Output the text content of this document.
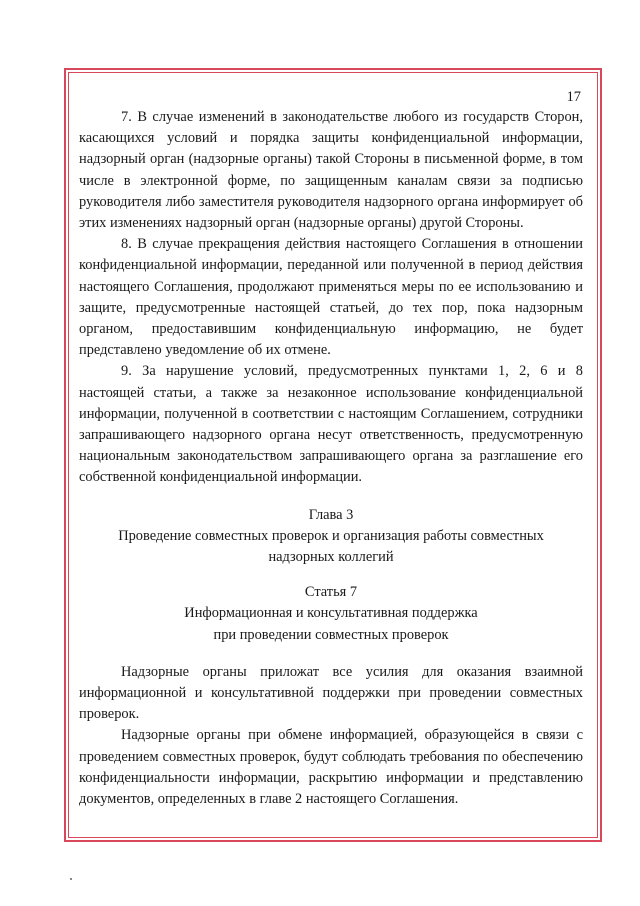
17

7. В случае изменений в законодательстве любого из государств Сторон, касающихся условий и порядка защиты конфиденциальной информации, надзорный орган (надзорные органы) такой Стороны в письменной форме, в том числе в электронной форме, по защищенным каналам связи за подписью руководителя либо заместителя руководителя надзорного органа информирует об этих изменениях надзорный орган (надзорные органы) другой Стороны.

8. В случае прекращения действия настоящего Соглашения в отношении конфиденциальной информации, переданной или полученной в период действия настоящего Соглашения, продолжают применяться меры по ее использованию и защите, предусмотренные настоящей статьей, до тех пор, пока надзорным органом, предоставившим конфиденциальную информацию, не будет представлено уведомление об их отмене.

9. За нарушение условий, предусмотренных пунктами 1, 2, 6 и 8 настоящей статьи, а также за незаконное использование конфиденциальной информации, полученной в соответствии с настоящим Соглашением, сотрудники запрашивающего надзорного органа несут ответственность, предусмотренную национальным законодательством запрашивающего органа за разглашение его собственной конфиденциальной информации.

Глава 3

Проведение совместных проверок и организация работы совместных

надзорных коллегий

Статья 7

Информационная и консультативная поддержка

при проведении совместных проверок

Надзорные органы приложат все усилия для оказания взаимной информационной и консультативной поддержки при проведении совместных проверок.

Надзорные органы при обмене информацией, образующейся в связи с проведением совместных проверок, будут соблюдать требования по обеспечению конфиденциальности информации, раскрытию информации и представлению документов, определенных в главе 2 настоящего Соглашения.
